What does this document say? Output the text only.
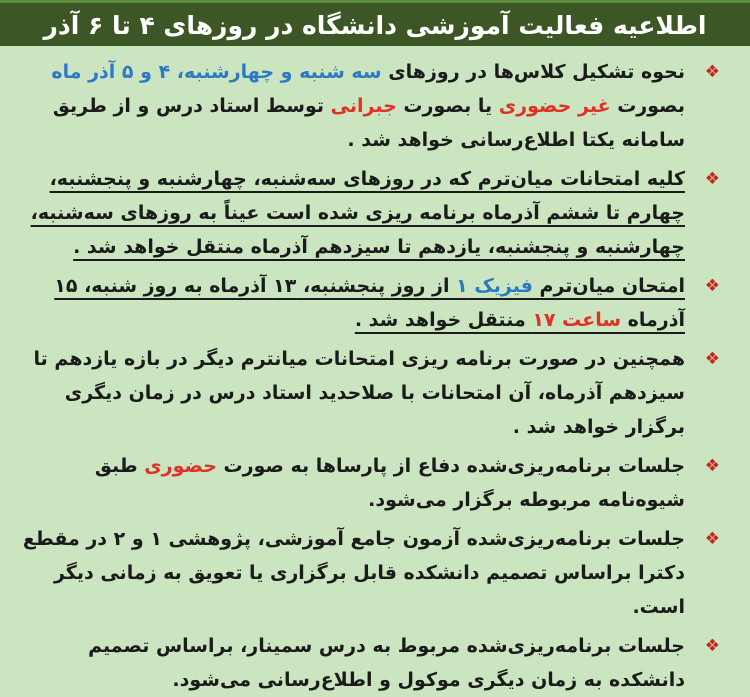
اطلاعیه فعالیت آموزشی دانشگاه در روزهای ۴ تا ۶ آذر
❖
نحوه تشکیل کلاس‌ها در روزهای سه شنبه و چهارشنبه، ۴ و ۵ آذر ماه بصورت غیر حضوری یا بصورت جبرانی توسط استاد درس و از طریق سامانه یکتا اطلاع‌رسانی خواهد شد .
❖
کلیه امتحانات میان‌ترم که در روزهای سه‌شنبه، چهارشنبه و پنجشنبه، چهارم تا ششم آذرماه برنامه ریزی شده است عیناً به روزهای سه‌شنبه، چهارشنبه و پنجشنبه، یازدهم تا سیزدهم آذرماه منتقل خواهد شد .
❖
امتحان میان‌ترم فیزیک ۱ از روز پنجشنبه، ۱۳ آذرماه به روز شنبه، ۱۵ آذرماه ساعت ۱۷ منتقل خواهد شد .
❖
همچنین در صورت برنامه ریزی امتحانات میانترم دیگر در بازه یازدهم تا سیزدهم آذرماه، آن امتحانات با صلاحدید استاد درس در زمان دیگری برگزار خواهد شد .
❖
جلسات برنامه‌ریزی‌شده دفاع از پارساها به صورت حضوری طبق شیوه‌نامه مربوطه برگزار می‌شود.
❖
جلسات برنامه‌ریزی‌شده آزمون جامع آموزشی، پژوهشی ۱ و ۲ در مقطع دکترا براساس تصمیم دانشکده قابل برگزاری یا تعویق به زمانی دیگر است.
❖
جلسات برنامه‌ریزی‌شده مربوط به درس سمینار، براساس تصمیم دانشکده به زمان دیگری موکول و اطلاع‌رسانی می‌شود.
